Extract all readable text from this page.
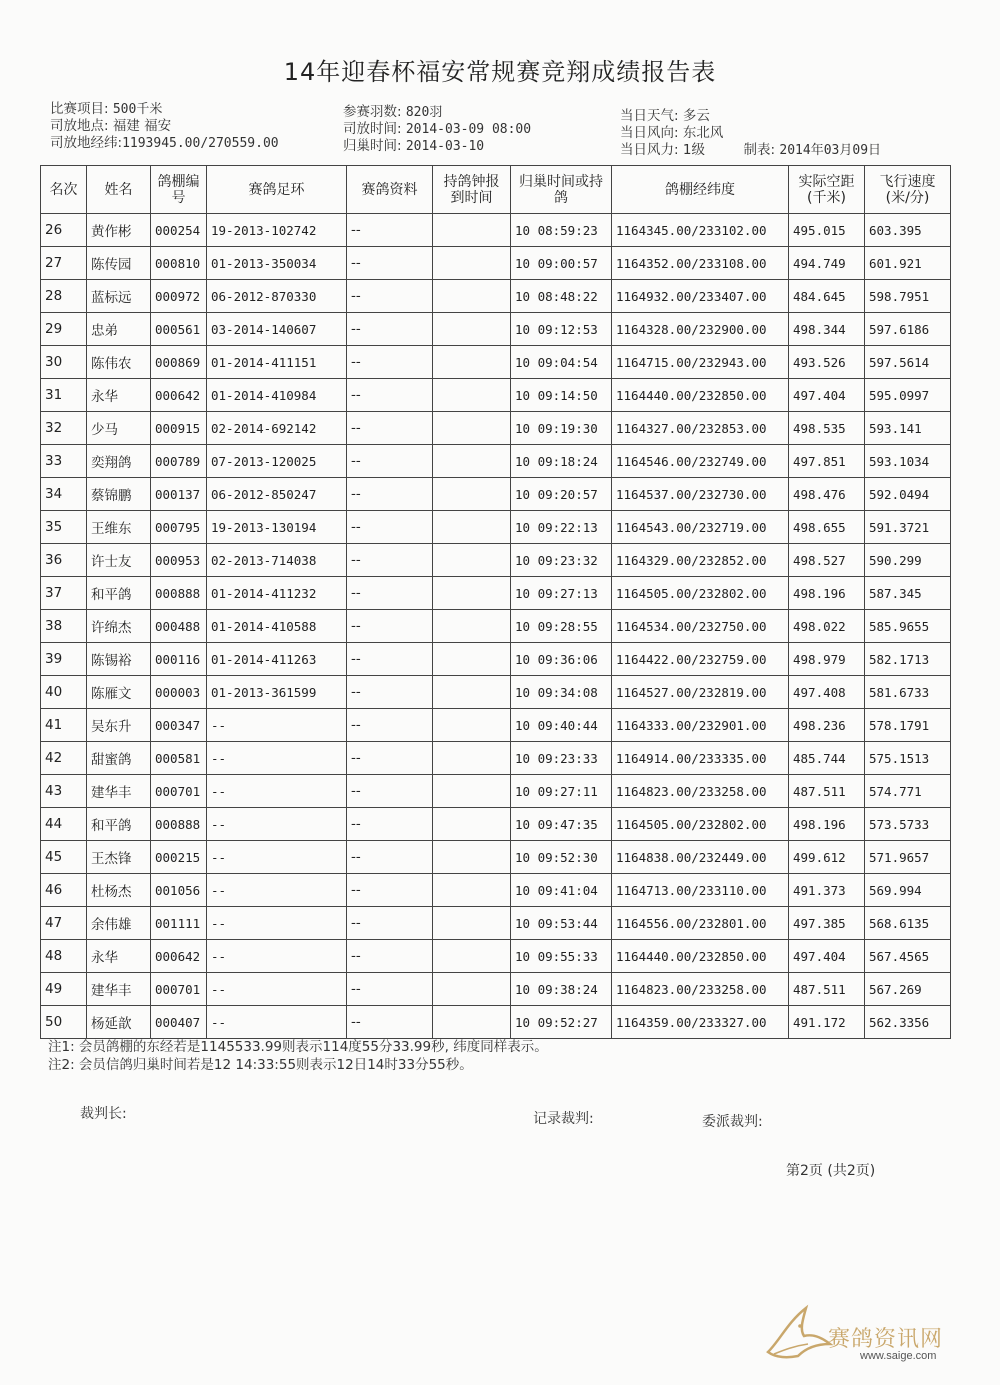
14年迎春杯福安常规赛竞翔成绩报告表
比赛项目: 500千米
司放地点: 福建 福安
司放地经纬:1193945.00/270559.00
参赛羽数: 820羽
司放时间: 2014-03-09 08:00
归巢时间: 2014-03-10
当日天气: 多云
当日风向: 东北风
当日风力: 1级	制表: 2014年03月09日
名次	姓名	鸽棚编号	赛鸽足环	赛鸽资料	持鸽钟报到时间	归巢时间或持鸽	鸽棚经纬度	实际空距(千米)	飞行速度(米/分)
26	黄作彬	000254	19-2013-102742	--		10 08:59:23	1164345.00/233102.00	495.015	603.395
27	陈传园	000810	01-2013-350034	--		10 09:00:57	1164352.00/233108.00	494.749	601.921
28	蓝标远	000972	06-2012-870330	--		10 08:48:22	1164932.00/233407.00	484.645	598.7951
29	忠弟	000561	03-2014-140607	--		10 09:12:53	1164328.00/232900.00	498.344	597.6186
30	陈伟农	000869	01-2014-411151	--		10 09:04:54	1164715.00/232943.00	493.526	597.5614
31	永华	000642	01-2014-410984	--		10 09:14:50	1164440.00/232850.00	497.404	595.0997
32	少马	000915	02-2014-692142	--		10 09:19:30	1164327.00/232853.00	498.535	593.141
33	奕翔鸽	000789	07-2013-120025	--		10 09:18:24	1164546.00/232749.00	497.851	593.1034
34	蔡锦鹏	000137	06-2012-850247	--		10 09:20:57	1164537.00/232730.00	498.476	592.0494
35	王维东	000795	19-2013-130194	--		10 09:22:13	1164543.00/232719.00	498.655	591.3721
36	许士友	000953	02-2013-714038	--		10 09:23:32	1164329.00/232852.00	498.527	590.299
37	和平鸽	000888	01-2014-411232	--		10 09:27:13	1164505.00/232802.00	498.196	587.345
38	许绵杰	000488	01-2014-410588	--		10 09:28:55	1164534.00/232750.00	498.022	585.9655
39	陈锡裕	000116	01-2014-411263	--		10 09:36:06	1164422.00/232759.00	498.979	582.1713
40	陈雁文	000003	01-2013-361599	--		10 09:34:08	1164527.00/232819.00	497.408	581.6733
41	吴东升	000347	--	--		10 09:40:44	1164333.00/232901.00	498.236	578.1791
42	甜蜜鸽	000581	--	--		10 09:23:33	1164914.00/233335.00	485.744	575.1513
43	建华丰	000701	--	--		10 09:27:11	1164823.00/233258.00	487.511	574.771
44	和平鸽	000888	--	--		10 09:47:35	1164505.00/232802.00	498.196	573.5733
45	王杰锋	000215	--	--		10 09:52:30	1164838.00/232449.00	499.612	571.9657
46	杜杨杰	001056	--	--		10 09:41:04	1164713.00/233110.00	491.373	569.994
47	余伟雄	001111	--	--		10 09:53:44	1164556.00/232801.00	497.385	568.6135
48	永华	000642	--	--		10 09:55:33	1164440.00/232850.00	497.404	567.4565
49	建华丰	000701	--	--		10 09:38:24	1164823.00/233258.00	487.511	567.269
50	杨延歆	000407	--	--		10 09:52:27	1164359.00/233327.00	491.172	562.3356
注1: 会员鸽棚的东经若是1145533.99则表示114度55分33.99秒, 纬度同样表示。
注2: 会员信鸽归巢时间若是12 14:33:55则表示12日14时33分55秒。
裁判长:	记录裁判:	委派裁判:
第2页 (共2页)
赛鸽资讯网
www.saige.com
